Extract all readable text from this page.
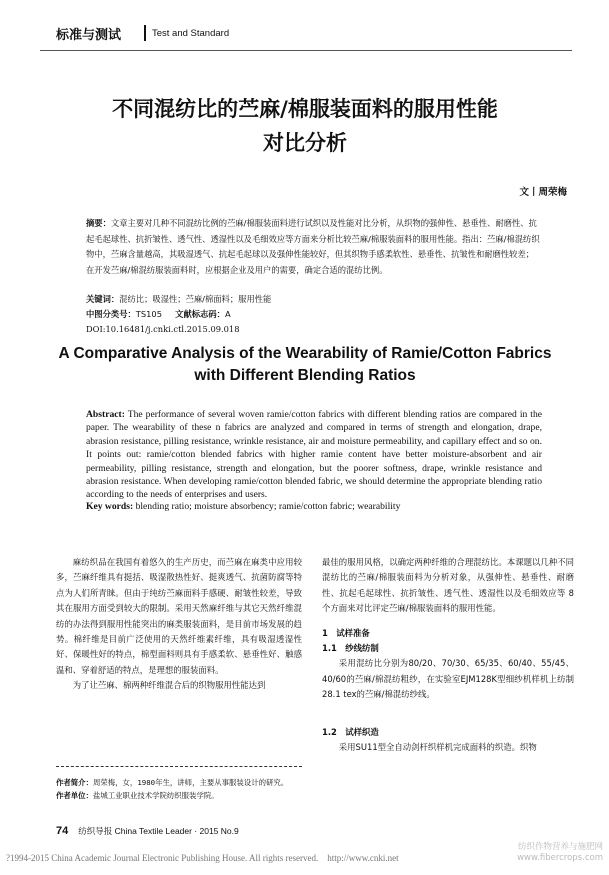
标准与测试	Test and Standard
不同混纺比的苎麻/棉服装面料的服用性能
对比分析
文丨周荣梅
摘要：文章主要对几种不同混纺比例的苎麻/棉服装面料进行试织以及性能对比分析，从织物的强伸性、悬垂性、耐磨性、抗起毛起球性、抗折皱性、透气性、透湿性以及毛细效应等方面来分析比较苎麻/棉服装面料的服用性能。指出：苎麻/棉混纺织物中，苎麻含量越高，其吸湿透气、抗起毛起球以及强伸性能较好，但其织物手感柔软性、悬垂性、抗皱性和耐磨性较差；在开发苎麻/棉混纺服装面料时，应根据企业及用户的需要，确定合适的混纺比例。
关键词：混纺比；吸湿性；苎麻/棉面料；服用性能
中图分类号：TS105 文献标志码：A
DOI:10.16481/j.cnki.ctl.2015.09.018
A Comparative Analysis of the Wearability of Ramie/Cotton Fabrics
with Different Blending Ratios
Abstract: The performance of several woven ramie/cotton fabrics with different blending ratios are compared in the paper. The wearability of these n fabrics are analyzed and compared in terms of strength and elongation, drape, abrasion resistance, pilling resistance, wrinkle resistance, air and moisture permeability, and capillary effect and so on. It points out: ramie/cotton blended fabrics with higher ramie content have better moisture-absorbent and air permeability, pilling resistance, strength and elongation, but the poorer softness, drape, wrinkle resistance and abrasion resistance. When developing ramie/cotton blended fabric, we should determine the appropriate blending ratio according to the needs of enterprises and users.
Key words: blending ratio; moisture absorbency; ramie/cotton fabric; wearability

麻纺织品在我国有着悠久的生产历史，而苎麻在麻类中应用较多，苎麻纤维具有挺括、吸湿散热性好、挺爽透气、抗菌防腐等特点为人们所青睐。但由于纯纺苎麻面料手感硬、耐皱性较差，导致其在服用方面受到较大的限制。采用天然麻纤维与其它天然纤维混纺的办法得到服用性能突出的麻类服装面料，是目前市场发展的趋势。棉纤维是目前广泛使用的天然纤维素纤维，具有吸湿透湿性好、保暖性好的特点，棉型面料则具有手感柔软、悬垂性好、触感温和、穿着舒适的特点，是理想的服装面料。

为了让苎麻、棉两种纤维混合后的织物服用性能达到

最佳的服用风格，以确定两种纤维的合理混纺比。本课题以几种不同混纺比的苎麻/棉服装面料为分析对象，从强伸性、悬垂性、耐磨性、抗起毛起球性、抗折皱性、透气性、透湿性以及毛细效应等 8 个方面来对比评定苎麻/棉服装面料的服用性能。

1　试样准备

1.1　纱线纺制

采用混纺比分别为80/20、70/30、65/35、60/40、55/45、40/60的苎麻/棉混纺粗纱，在实验室EJM128K型细纱机样机上纺制28.1 tex的苎麻/棉混纺纱线。

1.2　试样织造

采用SU11型全自动剑杆织样机完成面料的织造。织物

作者简介：周荣梅，女，1980年生，讲师，主要从事服装设计的研究。
作者单位：盐城工业职业技术学院纺织服装学院。
74 纺织导报 China Textile Leader · 2015 No.9
?1994-2015 China Academic Journal Electronic Publishing House. All rights reserved.　http://www.cnki.net
纺织作物营养与施肥网
www.fibercrops.com
